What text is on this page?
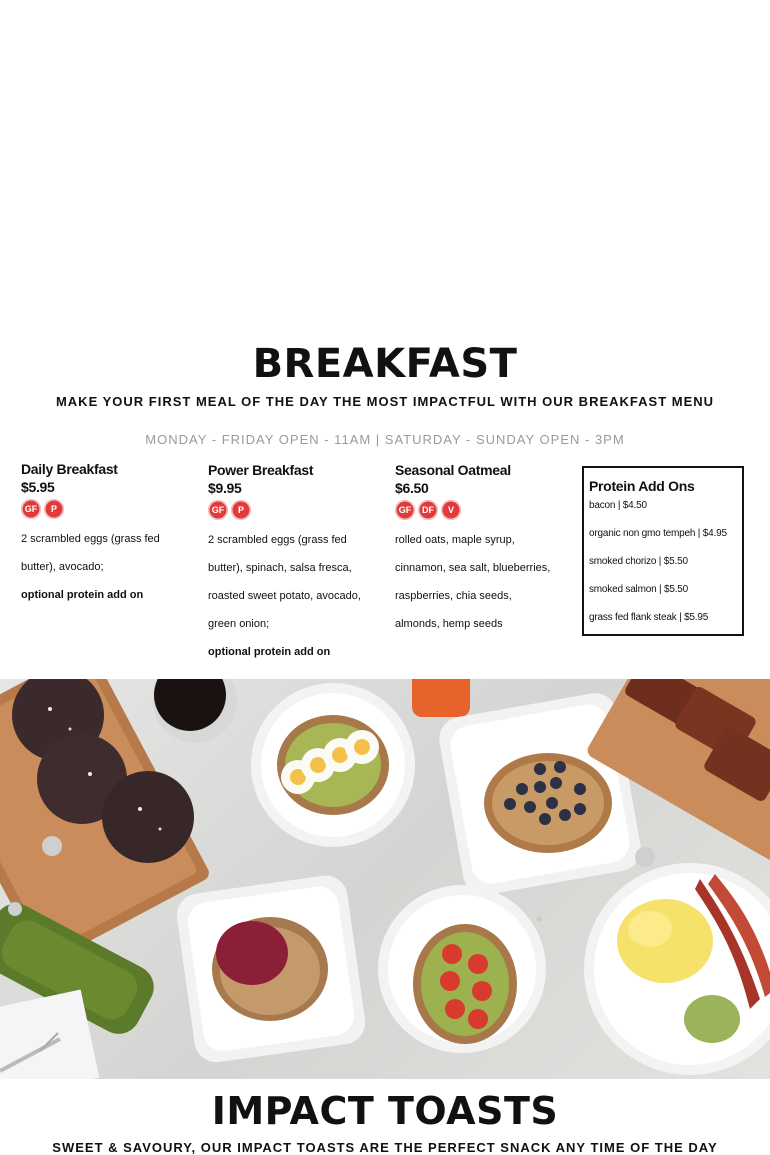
BREAKFAST
MAKE YOUR FIRST MEAL OF THE DAY THE MOST IMPACTFUL WITH OUR BREAKFAST MENU
MONDAY - FRIDAY OPEN - 11AM | SATURDAY - SUNDAY OPEN - 3PM
Daily Breakfast
$5.95
GF	P
2 scrambled eggs (grass fed butter), avocado;
optional protein add on
Power Breakfast
$9.95
GF	P
2 scrambled eggs (grass fed butter), spinach, salsa fresca, roasted sweet potato, avocado, green onion;
optional protein add on
Seasonal Oatmeal
$6.50
GF	DF	V
rolled oats, maple syrup, cinnamon, sea salt, blueberries, raspberries, chia seeds, almonds, hemp seeds
Protein Add Ons
bacon | $4.50
organic non gmo tempeh | $4.95
smoked chorizo | $5.50
smoked salmon | $5.50
grass fed flank steak | $5.95
IMPACT TOASTS
SWEET & SAVOURY, OUR IMPACT TOASTS ARE THE PERFECT SNACK ANY TIME OF THE DAY
